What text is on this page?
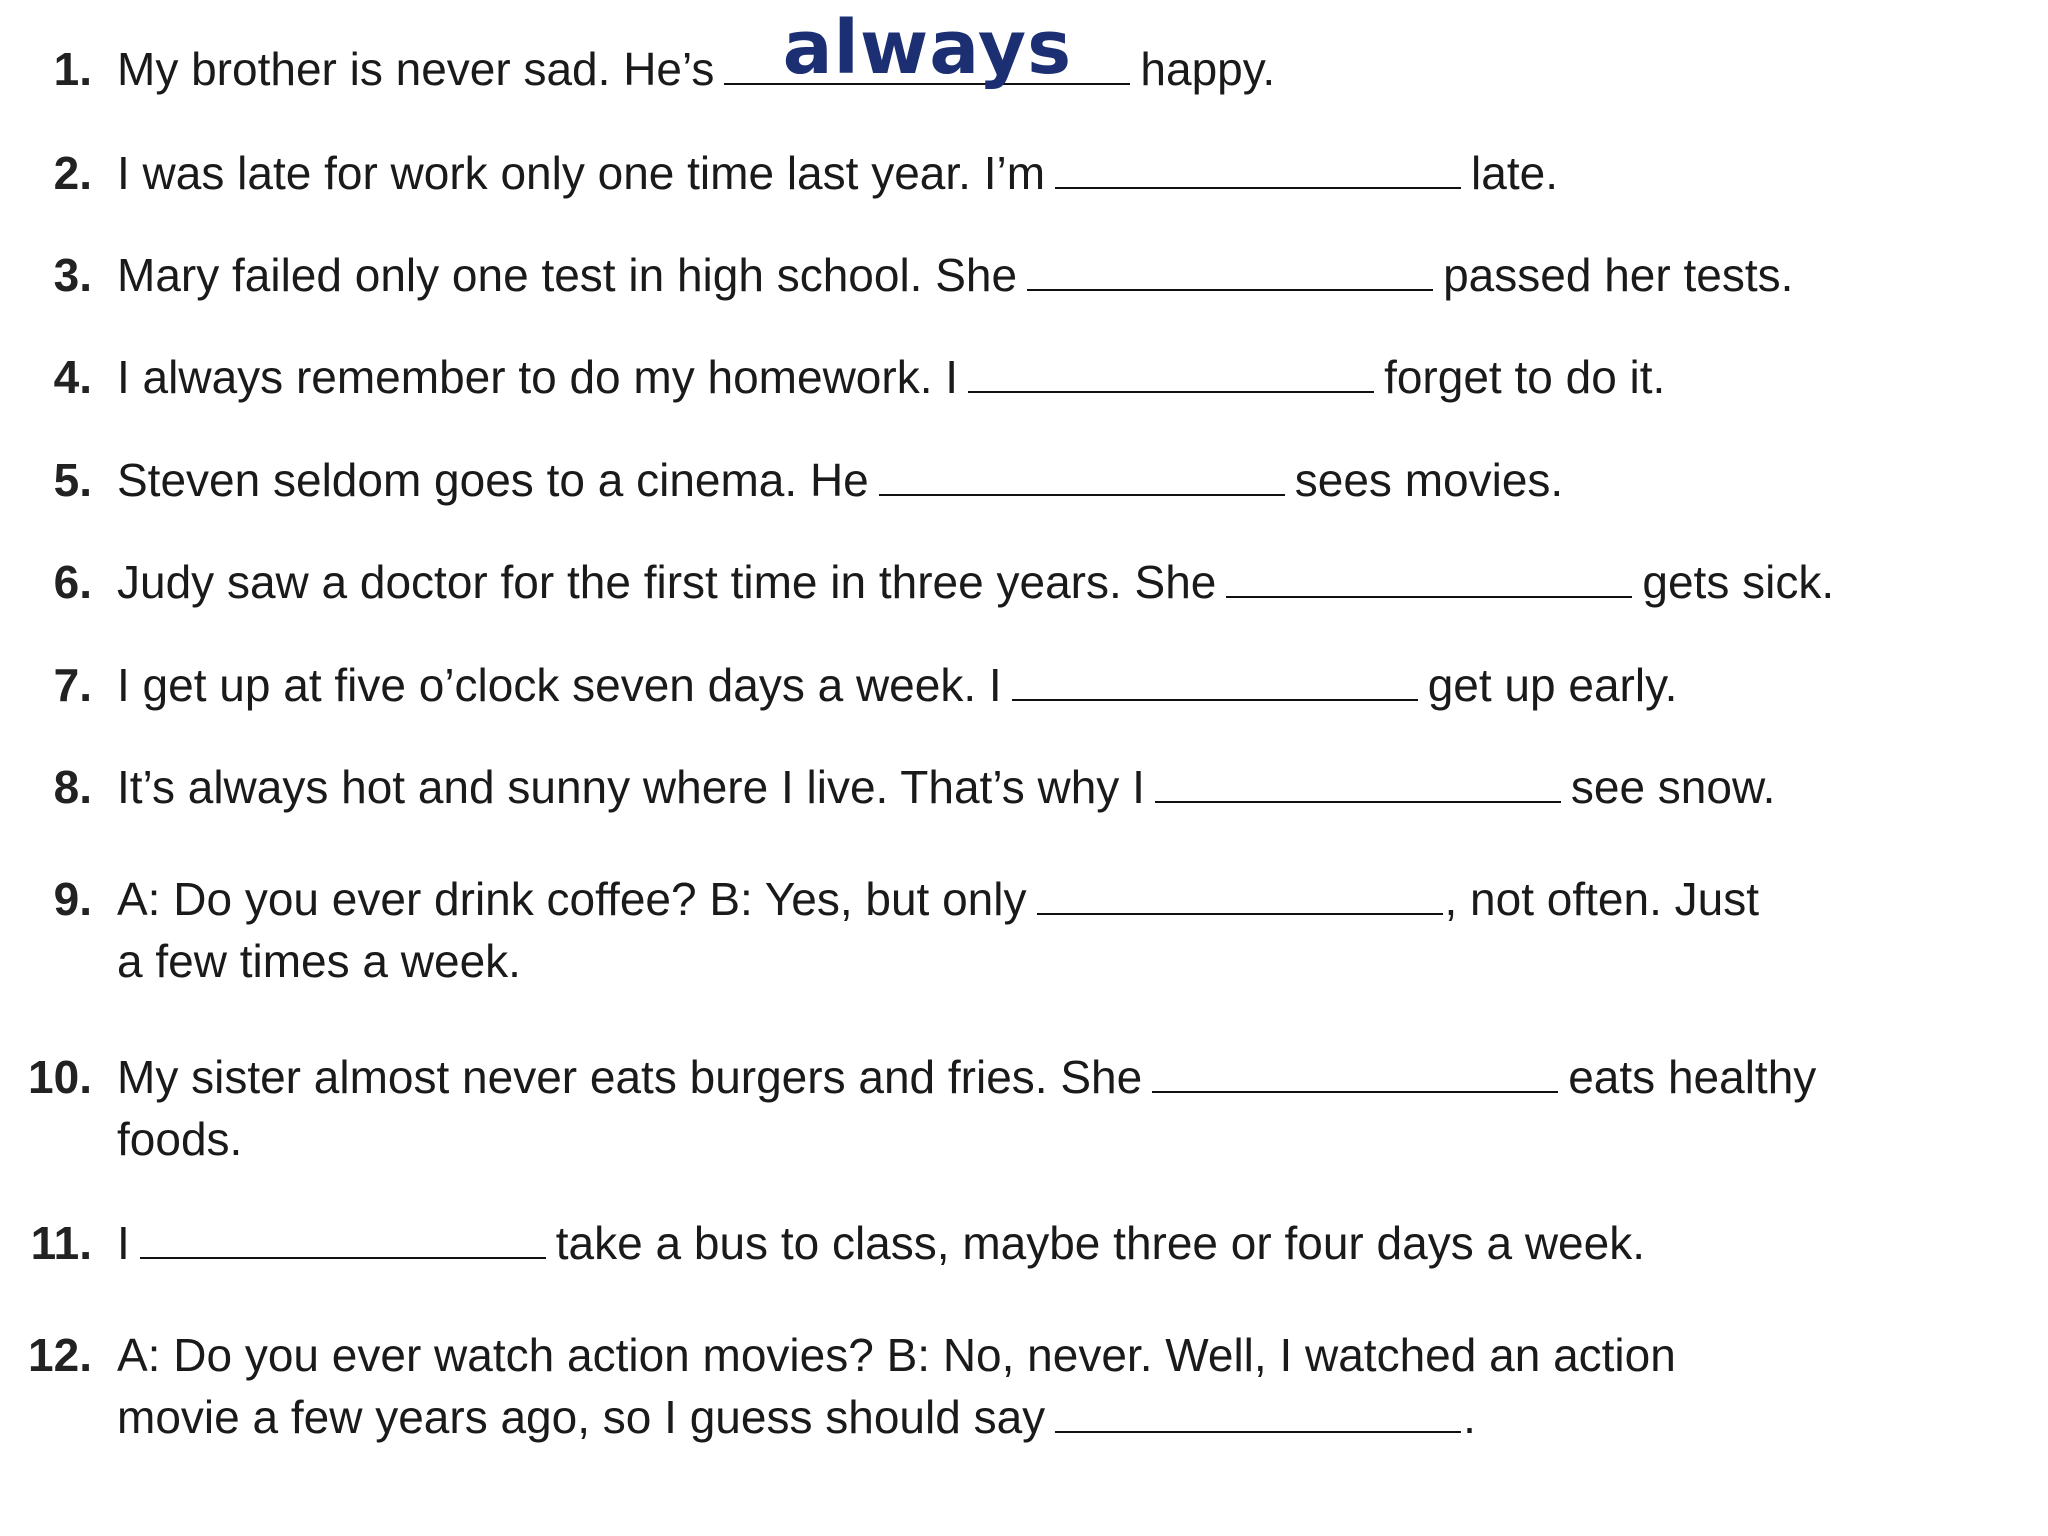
1. My brother is never sad. He’s always	happy.
2. I was late for work only one time last year. I’m	late.
3. Mary failed only one test in high school. She	passed her tests.
4. I always remember to do my homework. I	forget to do it.
5. Steven seldom goes to a cinema. He	sees movies.
6. Judy saw a doctor for the first time in three years. She	gets sick.
7. I get up at five o’clock seven days a week. I	get up early.
8. It’s always hot and sunny where I live. That’s why I	see snow.
9. A: Do you ever drink coffee? B: Yes, but only	, not often. Just
a few times a week.
10. My sister almost never eats burgers and fries. She	eats healthy
foods.
11. I	take a bus to class, maybe three or four days a week.
12. A: Do you ever watch action movies? B: No, never. Well, I watched an action
movie a few years ago, so I guess should say	.
